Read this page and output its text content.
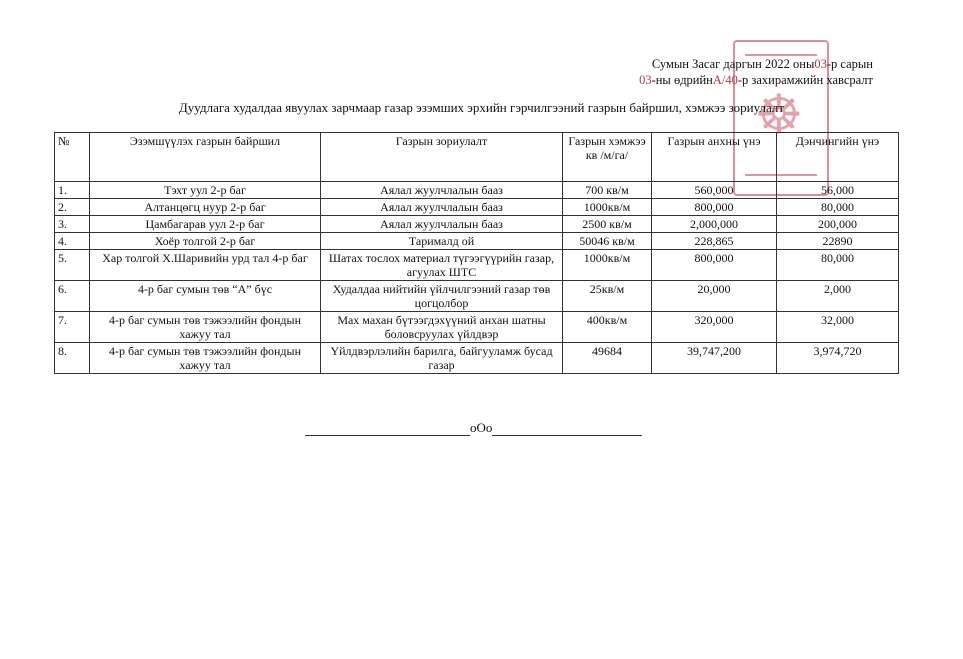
☸
Сумын Засаг даргын 2022 оны03-р сарын
03-ны өдрийнА/40-р захирамжийн хавсралт
Дуудлага худалдаа явуулах зарчмаар газар эзэмших эрхийн гэрчилгээний газрын байршил, хэмжээ зориулалт
№	Эзэмшүүлэх газрын байршил	Газрын зориулалт	Газрын хэмжээ кв /м/га/	Газрын анхны үнэ	Дэнчингийн үнэ
1.	Тэхт уул 2-р баг	Аялал жуулчлалын бааз	700 кв/м	560,000	56,000
2.	Алтанцөгц нуур 2-р баг	Аялал жуулчлалын бааз	1000кв/м	800,000	80,000
3.	Цамбагарав уул 2-р баг	Аялал жуулчлалын бааз	2500 кв/м	2,000,000	200,000
4.	Хоёр толгой 2-р баг	Тарималд ой	50046 кв/м	228,865	22890
5.	Хар толгой Х.Шаривийн урд тал 4-р баг	Шатах тослох материал түгээгүүрийн газар, агуулах ШТС	1000кв/м	800,000	80,000
6.	4-р баг сумын төв “А” бүс	Худалдаа нийтийн үйлчилгээний газар төв цогцолбор	25кв/м	20,000	2,000
7.	4-р баг сумын төв тэжээлийн фондын хажуу тал	Мах махан бүтээгдэхүүний анхан шатны боловсруулах үйлдвэр	400кв/м	320,000	32,000
8.	4-р баг сумын төв тэжээлийн фондын хажуу тал	Үйлдвэрлэлийн барилга, байгууламж бусад газар	49684	39,747,200	3,974,720
oOo
